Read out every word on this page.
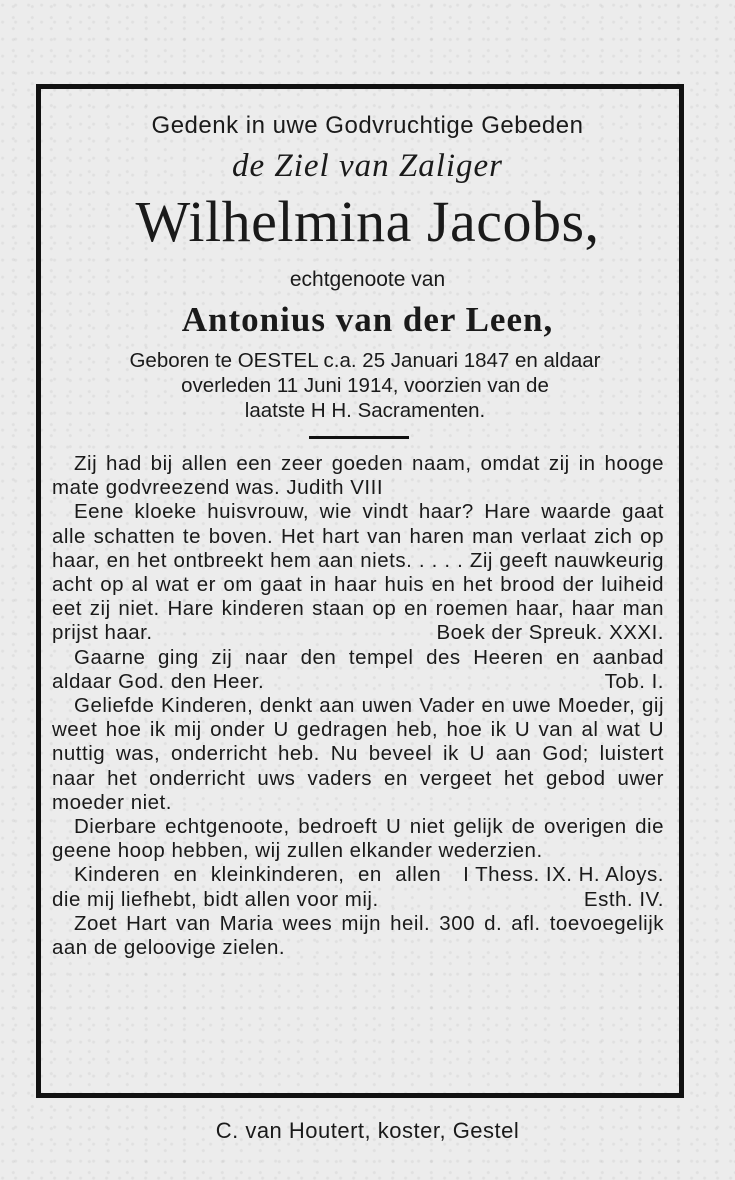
Gedenk in uwe Godvruchtige Gebeden
de Ziel van Zaliger
Wilhelmina Jacobs,
echtgenoote van
Antonius van der Leen,
Geboren te OESTEL c.a. 25 Januari 1847 en aldaar
overleden 11 Juni 1914, voorzien van de
laatste H H. Sacramenten.

Zij had bij allen een zeer goeden naam, omdat zij in hooge mate godvreezend was. Judith VIII

Eene kloeke huisvrouw, wie vindt haar? Hare waarde gaat alle schatten te boven. Het hart van haren man verlaat zich op haar, en het ontbreekt hem aan niets. . . . . Zij geeft nauwkeurig acht op al wat er om gaat in haar huis en het brood der luiheid eet zij niet. Hare kinderen staan op en roemen haar, haar man prijst haar.	Boek der Spreuk. XXXI.

Gaarne ging zij naar den tempel des Heeren en aanbad aldaar God. den Heer.	Tob. I.

Geliefde Kinderen, denkt aan uwen Vader en uwe Moeder, gij weet hoe ik mij onder U gedragen heb, hoe ik U van al wat U nuttig was, onderricht heb. Nu beveel ik U aan God; luistert naar het onderricht uws vaders en vergeet het gebod uwer moeder niet.

Dierbare echtgenoote, bedroeft U niet gelijk de overigen die geene hoop hebben, wij zullen elkander wederzien.
I Thess. IX. H. Aloys.

Kinderen en kleinkinderen, en allen die mij liefhebt, bidt allen voor mij.	Esth. IV.

Zoet Hart van Maria wees mijn heil. 300 d. afl. toevoegelijk aan de geloovige zielen.

C. van Houtert, koster, Gestel
